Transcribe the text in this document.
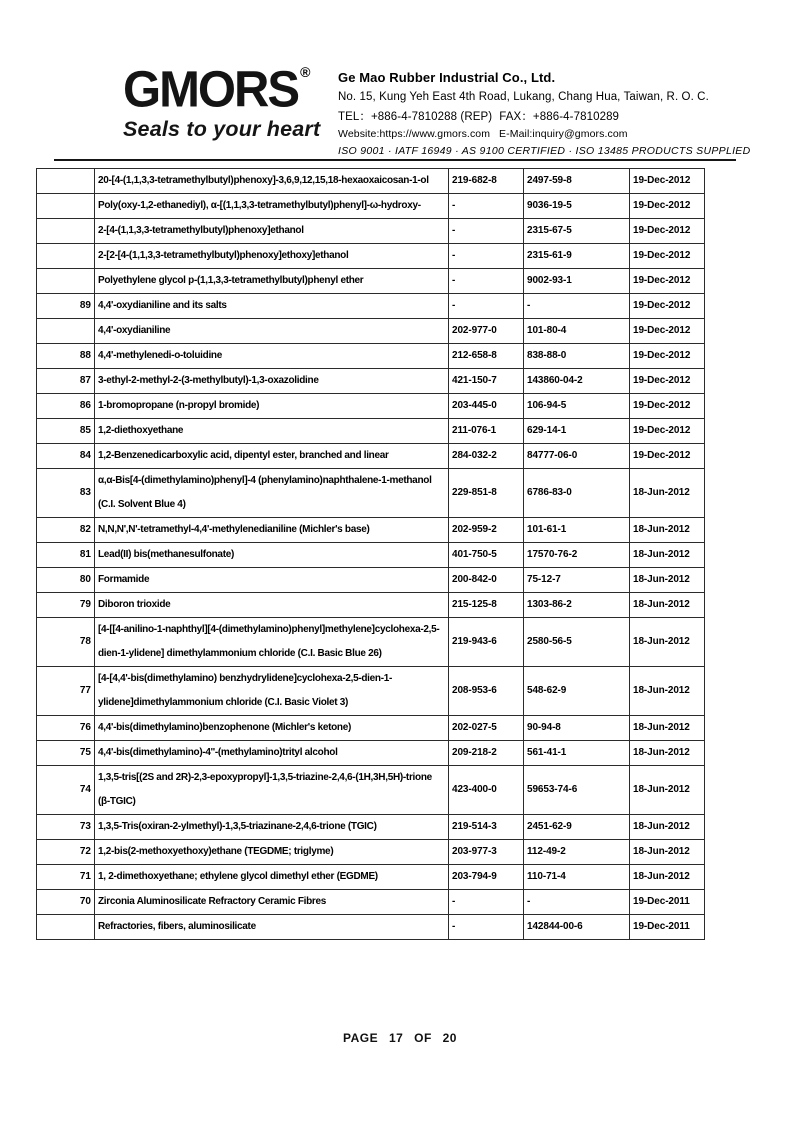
GMORS ®
Seals to your heart
Ge Mao Rubber Industrial Co., Ltd.
No. 15, Kung Yeh East 4th Road, Lukang, Chang Hua, Taiwan, R. O. C.
TEL：+886-4-7810288 (REP) FAX：+886-4-7810289
Website:https://www.gmors.com E-Mail:inquiry@gmors.com
ISO 9001 · IATF 16949 · AS 9100 CERTIFIED · ISO 13485 PRODUCTS SUPPLIED
	20-[4-(1,1,3,3-tetramethylbutyl)phenoxy]-3,6,9,12,15,18-hexaoxaicosan-1-ol	219-682-8	2497-59-8	19-Dec-2012
	Poly(oxy-1,2-ethanediyl), α-[(1,1,3,3-tetramethylbutyl)phenyl]-ω-hydroxy-	-	9036-19-5	19-Dec-2012
	2-[4-(1,1,3,3-tetramethylbutyl)phenoxy]ethanol	-	2315-67-5	19-Dec-2012
	2-[2-[4-(1,1,3,3-tetramethylbutyl)phenoxy]ethoxy]ethanol	-	2315-61-9	19-Dec-2012
	Polyethylene glycol p-(1,1,3,3-tetramethylbutyl)phenyl ether	-	9002-93-1	19-Dec-2012
89	4,4'-oxydianiline and its salts	-	-	19-Dec-2012
	4,4'-oxydianiline	202-977-0	101-80-4	19-Dec-2012
88	4,4'-methylenedi-o-toluidine	212-658-8	838-88-0	19-Dec-2012
87	3-ethyl-2-methyl-2-(3-methylbutyl)-1,3-oxazolidine	421-150-7	143860-04-2	19-Dec-2012
86	1-bromopropane (n-propyl bromide)	203-445-0	106-94-5	19-Dec-2012
85	1,2-diethoxyethane	211-076-1	629-14-1	19-Dec-2012
84	1,2-Benzenedicarboxylic acid, dipentyl ester, branched and linear	284-032-2	84777-06-0	19-Dec-2012
83	α,α-Bis[4-(dimethylamino)phenyl]-4 (phenylamino)naphthalene-1-methanol (C.I. Solvent Blue 4)	229-851-8	6786-83-0	18-Jun-2012
82	N,N,N',N'-tetramethyl-4,4'-methylenedianiline (Michler's base)	202-959-2	101-61-1	18-Jun-2012
81	Lead(II) bis(methanesulfonate)	401-750-5	17570-76-2	18-Jun-2012
80	Formamide	200-842-0	75-12-7	18-Jun-2012
79	Diboron trioxide	215-125-8	1303-86-2	18-Jun-2012
78	[4-[[4-anilino-1-naphthyl][4-(dimethylamino)phenyl]methylene]cyclohexa-2,5-dien-1-ylidene] dimethylammonium chloride (C.I. Basic Blue 26)	219-943-6	2580-56-5	18-Jun-2012
77	[4-[4,4'-bis(dimethylamino) benzhydrylidene]cyclohexa-2,5-dien-1-ylidene]dimethylammonium chloride (C.I. Basic Violet 3)	208-953-6	548-62-9	18-Jun-2012
76	4,4'-bis(dimethylamino)benzophenone (Michler's ketone)	202-027-5	90-94-8	18-Jun-2012
75	4,4'-bis(dimethylamino)-4''-(methylamino)trityl alcohol	209-218-2	561-41-1	18-Jun-2012
74	1,3,5-tris[(2S and 2R)-2,3-epoxypropyl]-1,3,5-triazine-2,4,6-(1H,3H,5H)-trione (β-TGIC)	423-400-0	59653-74-6	18-Jun-2012
73	1,3,5-Tris(oxiran-2-ylmethyl)-1,3,5-triazinane-2,4,6-trione (TGIC)	219-514-3	2451-62-9	18-Jun-2012
72	1,2-bis(2-methoxyethoxy)ethane (TEGDME; triglyme)	203-977-3	112-49-2	18-Jun-2012
71	1, 2-dimethoxyethane; ethylene glycol dimethyl ether (EGDME)	203-794-9	110-71-4	18-Jun-2012
70	Zirconia Aluminosilicate Refractory Ceramic Fibres	-	-	19-Dec-2011
	Refractories, fibers, aluminosilicate	-	142844-00-6	19-Dec-2011
PAGE 17 OF 20
